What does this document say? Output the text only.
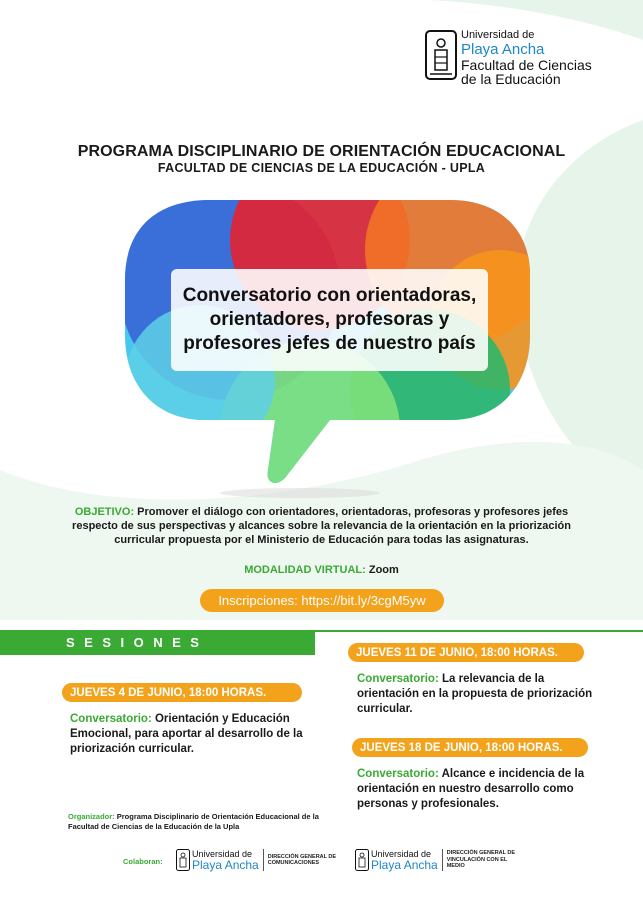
Universidad de
Playa Ancha
Facultad de Ciencias
de la Educación
PROGRAMA DISCIPLINARIO DE ORIENTACIÓN EDUCACIONAL
FACULTAD DE CIENCIAS DE LA EDUCACIÓN - UPLA
Conversatorio con orientadoras, orientadores, profesoras y profesores jefes de nuestro país
OBJETIVO: Promover el diálogo con orientadores, orientadoras, profesoras y profesores jefes respecto de sus perspectivas y alcances sobre la relevancia de la orientación en la priorización curricular propuesta por el Ministerio de Educación para todas las asignaturas.
MODALIDAD VIRTUAL: Zoom
Inscripciones: https://bit.ly/3cgM5yw
SESIONES
JUEVES 4 DE JUNIO, 18:00 HORAS.
Conversatorio: Orientación y Educación Emocional, para aportar al desarrollo de la priorización curricular.
JUEVES 11 DE JUNIO, 18:00 HORAS.
Conversatorio: La relevancia de la orientación en la propuesta de priorización curricular.
JUEVES 18 DE JUNIO, 18:00 HORAS.
Conversatorio: Alcance e incidencia de la orientación en nuestro desarrollo como personas y profesionales.
Organizador: Programa Disciplinario de Orientación Educacional de la Facultad de Ciencias de la Educación de la Upla
Colaboran:
Universidad de
Playa Ancha
DIRECCIÓN GENERAL DE COMUNICACIONES
Universidad de
Playa Ancha
DIRECCIÓN GENERAL DE VINCULACIÓN CON EL MEDIO
